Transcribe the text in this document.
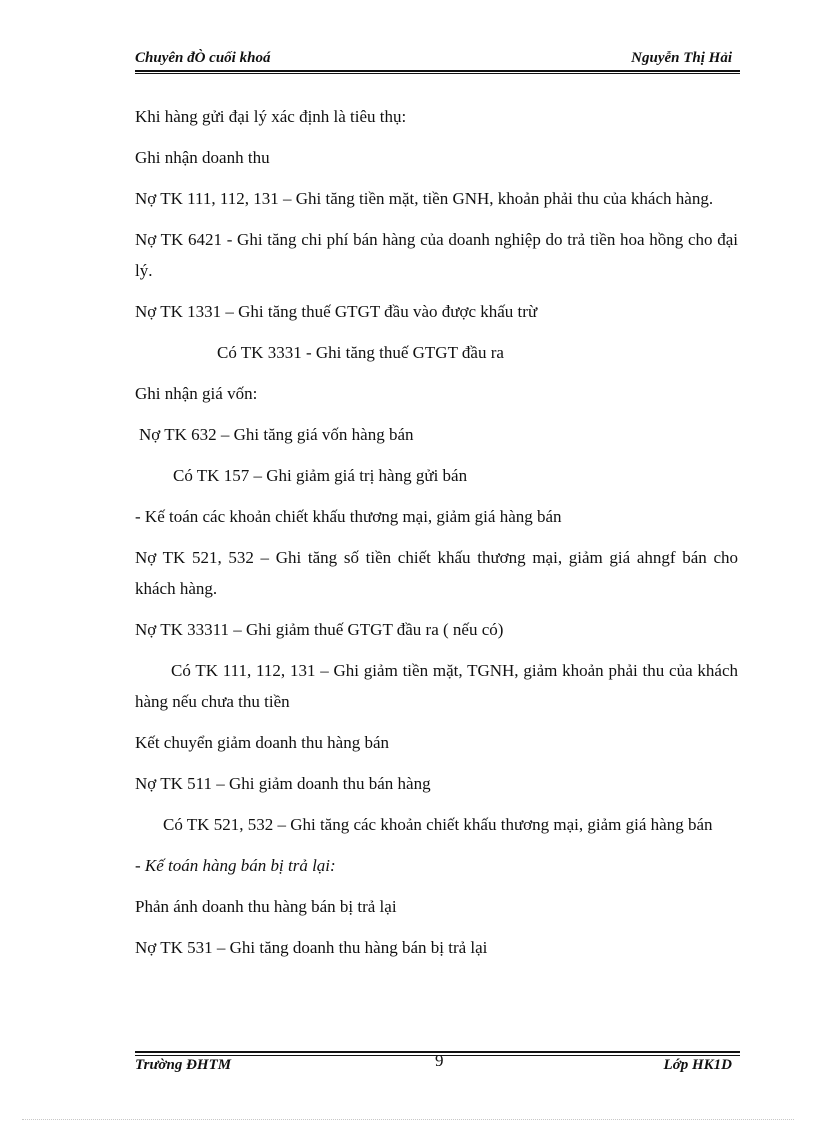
Chuyên đÒ cuối khoá	Nguyễn Thị Hải

Khi hàng gửi đại lý xác định là tiêu thụ:

Ghi nhận doanh thu

Nợ TK 111, 112, 131 – Ghi tăng tiền mặt, tiền GNH, khoản phải thu của khách hàng.

Nợ TK 6421 - Ghi tăng chi phí bán hàng của doanh nghiệp do trả tiền hoa hồng cho đại lý.

Nợ TK 1331 – Ghi tăng thuế GTGT đầu vào được khấu trừ

Có TK 3331 - Ghi tăng thuế GTGT đầu ra

Ghi nhận giá vốn:

Nợ TK 632 – Ghi tăng giá vốn hàng bán

Có TK 157 – Ghi giảm giá trị hàng gửi bán

- Kế toán các khoản chiết khấu thương mại, giảm giá hàng bán

Nợ TK 521, 532 – Ghi tăng số tiền chiết khấu thương mại, giảm giá ahngf bán cho khách hàng.

Nợ TK 33311 – Ghi giảm thuế GTGT đầu ra ( nếu có)

Có TK 111, 112, 131 – Ghi giảm tiền mặt, TGNH, giảm khoản phải thu của khách hàng nếu chưa thu tiền

Kết chuyển giảm doanh thu hàng bán

Nợ TK 511 – Ghi giảm doanh thu bán hàng

Có TK 521, 532 – Ghi tăng các khoản chiết khấu thương mại, giảm giá hàng bán

- Kế toán hàng bán bị trả lại:

Phản ánh doanh thu hàng bán bị trả lại

Nợ TK 531 – Ghi tăng doanh thu hàng bán bị trả lại

Trường ĐHTM	9	Lớp HK1D
